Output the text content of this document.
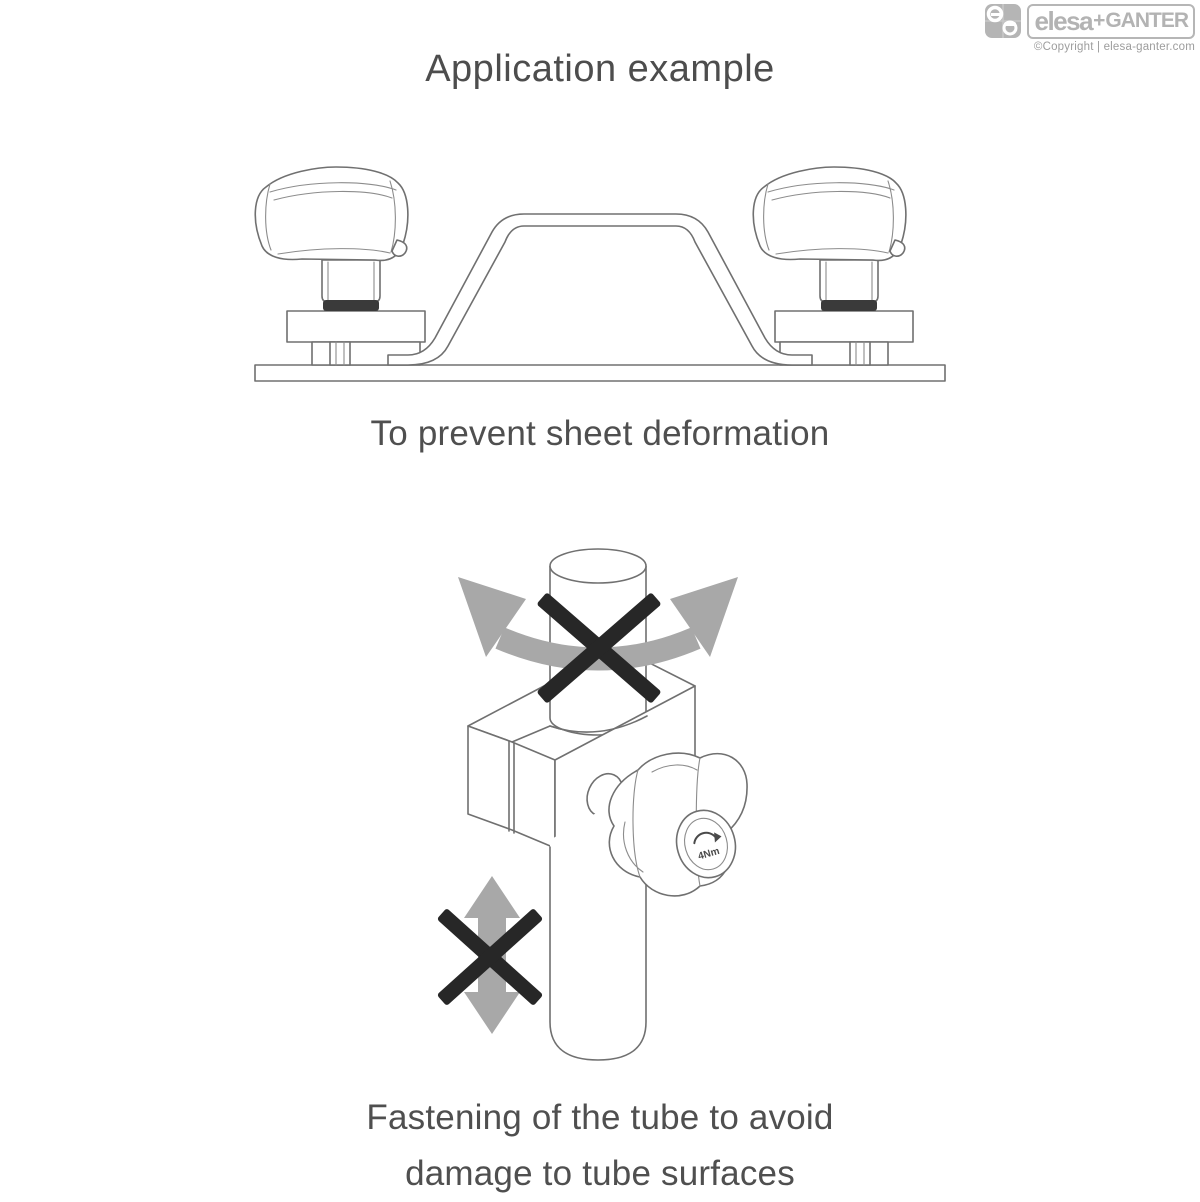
elesa + GANTER
©Copyright | elesa-ganter.com
Application example
To prevent sheet deformation
4Nm
Fastening of the tube to avoid
damage to tube surfaces
